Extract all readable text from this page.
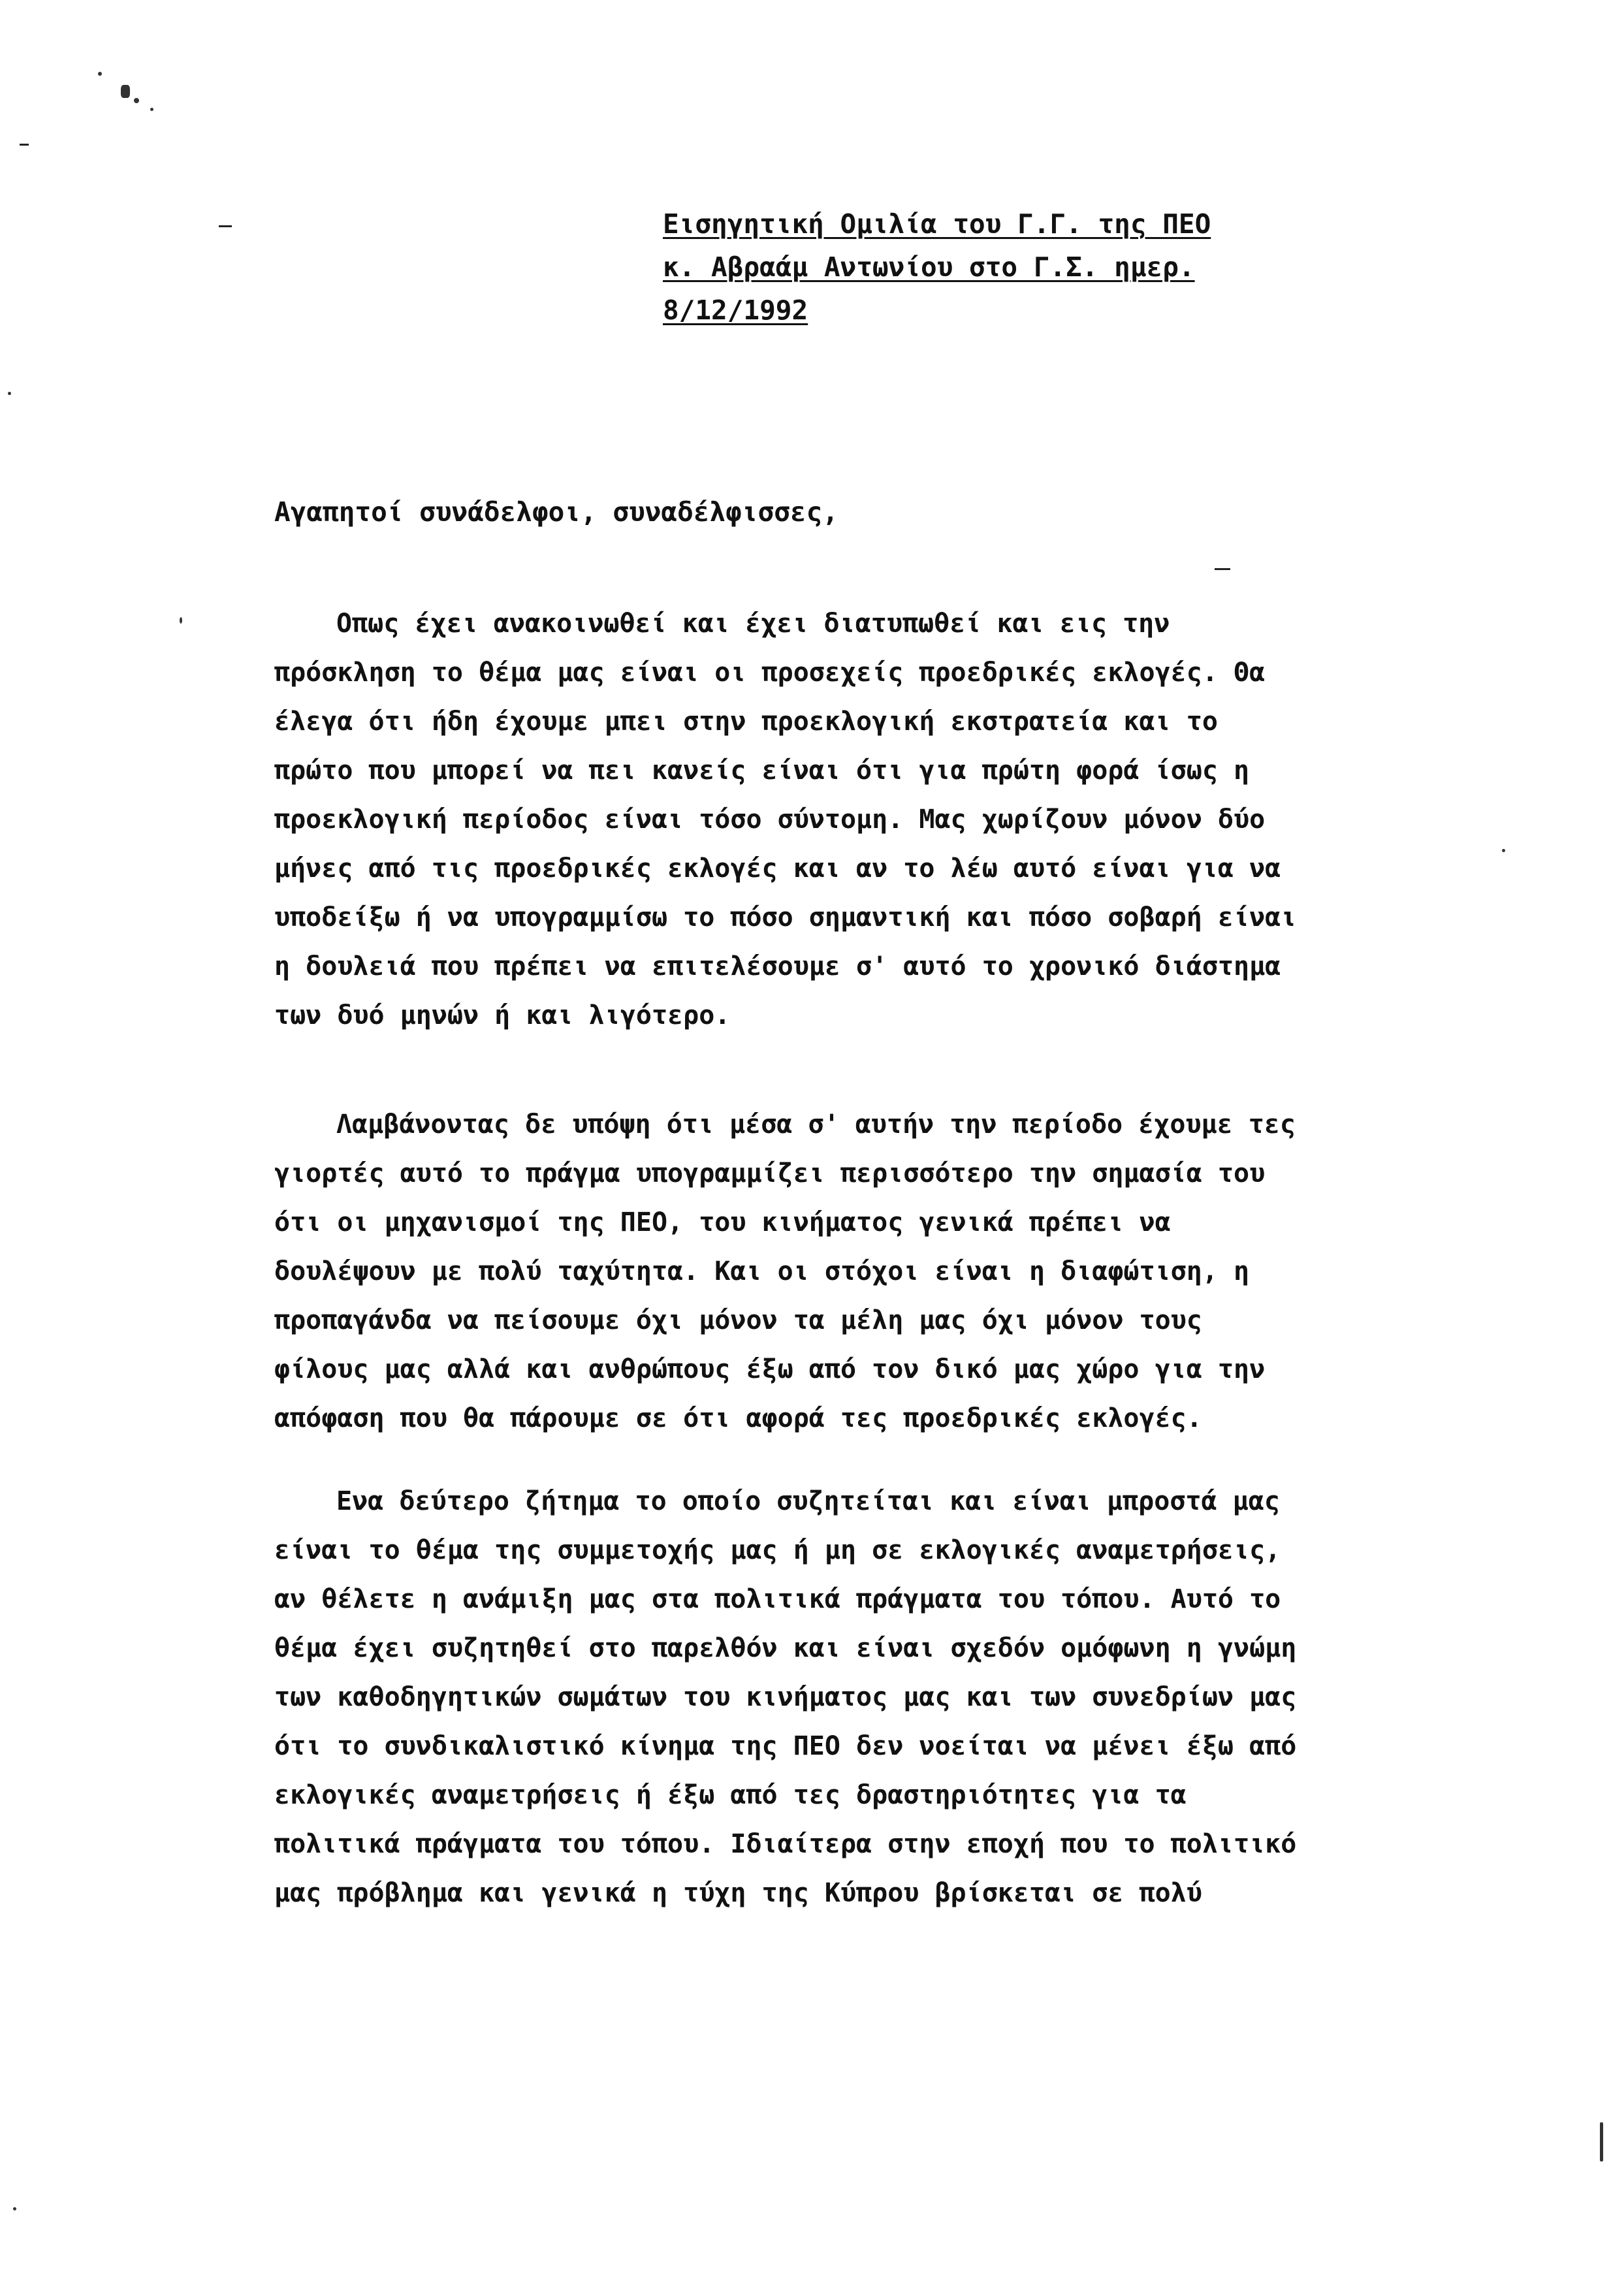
Εισηγητική Ομιλία του Γ.Γ. της ΠΕΟ
κ. Αβραάμ Αντωνίου στο Γ.Σ. ημερ.
8/12/1992
Αγαπητοί συνάδελφοι, συναδέλφισσες,
Οπως έχει ανακοινωθεί και έχει διατυπωθεί και εις την
πρόσκληση το θέμα μας είναι οι προσεχείς προεδρικές εκλογές. Θα
έλεγα ότι ήδη έχουμε μπει στην προεκλογική εκστρατεία και το
πρώτο που μπορεί να πει κανείς είναι ότι για πρώτη φορά ίσως η
προεκλογική περίοδος είναι τόσο σύντομη. Μας χωρίζουν μόνον δύο
μήνες από τις προεδρικές εκλογές και αν το λέω αυτό είναι για να
υποδείξω ή να υπογραμμίσω το πόσο σημαντική και πόσο σοβαρή είναι
η δουλειά που πρέπει να επιτελέσουμε σ' αυτό το χρονικό διάστημα
των δυό μηνών ή και λιγότερο.
Λαμβάνοντας δε υπόψη ότι μέσα σ' αυτήν την περίοδο έχουμε τες
γιορτές αυτό το πράγμα υπογραμμίζει περισσότερο την σημασία του
ότι οι μηχανισμοί της ΠΕΟ, του κινήματος γενικά πρέπει να
δουλέψουν με πολύ ταχύτητα. Και οι στόχοι είναι η διαφώτιση, η
προπαγάνδα να πείσουμε όχι μόνον τα μέλη μας όχι μόνον τους
φίλους μας αλλά και ανθρώπους έξω από τον δικό μας χώρο για την
απόφαση που θα πάρουμε σε ότι αφορά τες προεδρικές εκλογές.
Ενα δεύτερο ζήτημα το οποίο συζητείται και είναι μπροστά μας
είναι το θέμα της συμμετοχής μας ή μη σε εκλογικές αναμετρήσεις,
αν θέλετε η ανάμιξη μας στα πολιτικά πράγματα του τόπου. Αυτό το
θέμα έχει συζητηθεί στο παρελθόν και είναι σχεδόν ομόφωνη η γνώμη
των καθοδηγητικών σωμάτων του κινήματος μας και των συνεδρίων μας
ότι το συνδικαλιστικό κίνημα της ΠΕΟ δεν νοείται να μένει έξω από
εκλογικές αναμετρήσεις ή έξω από τες δραστηριότητες για τα
πολιτικά πράγματα του τόπου. Ιδιαίτερα στην εποχή που το πολιτικό
μας πρόβλημα και γενικά η τύχη της Κύπρου βρίσκεται σε πολύ
